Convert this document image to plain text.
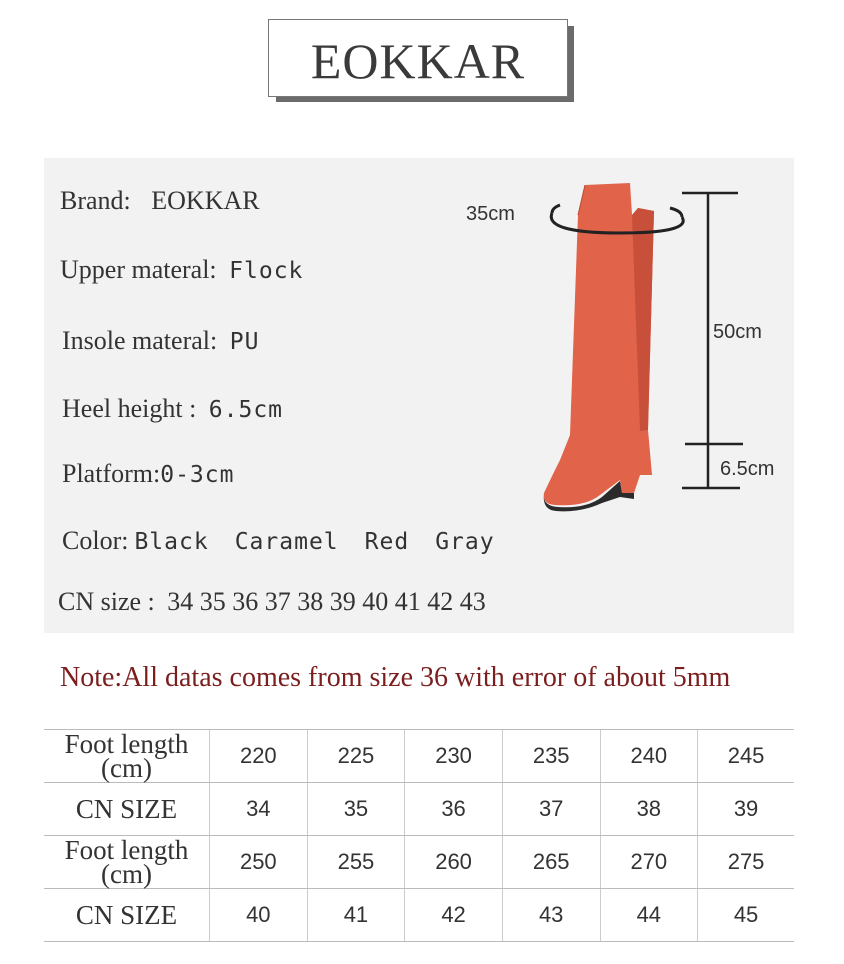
EOKKAR
Brand: EOKKAR
Upper materal: Flock
Insole materal: PU
Heel height : 6.5cm
Platform:0-3cm
Color: Black Caramel Red Gray
CN size : 34 35 36 37 38 39 40 41 42 43
35cm
50cm
6.5cm
Note:All datas comes from size 36 with error of about 5mm
Foot length (cm)	220	225	230	235	240	245
CN SIZE	34	35	36	37	38	39
Foot length (cm)	250	255	260	265	270	275
CN SIZE	40	41	42	43	44	45
